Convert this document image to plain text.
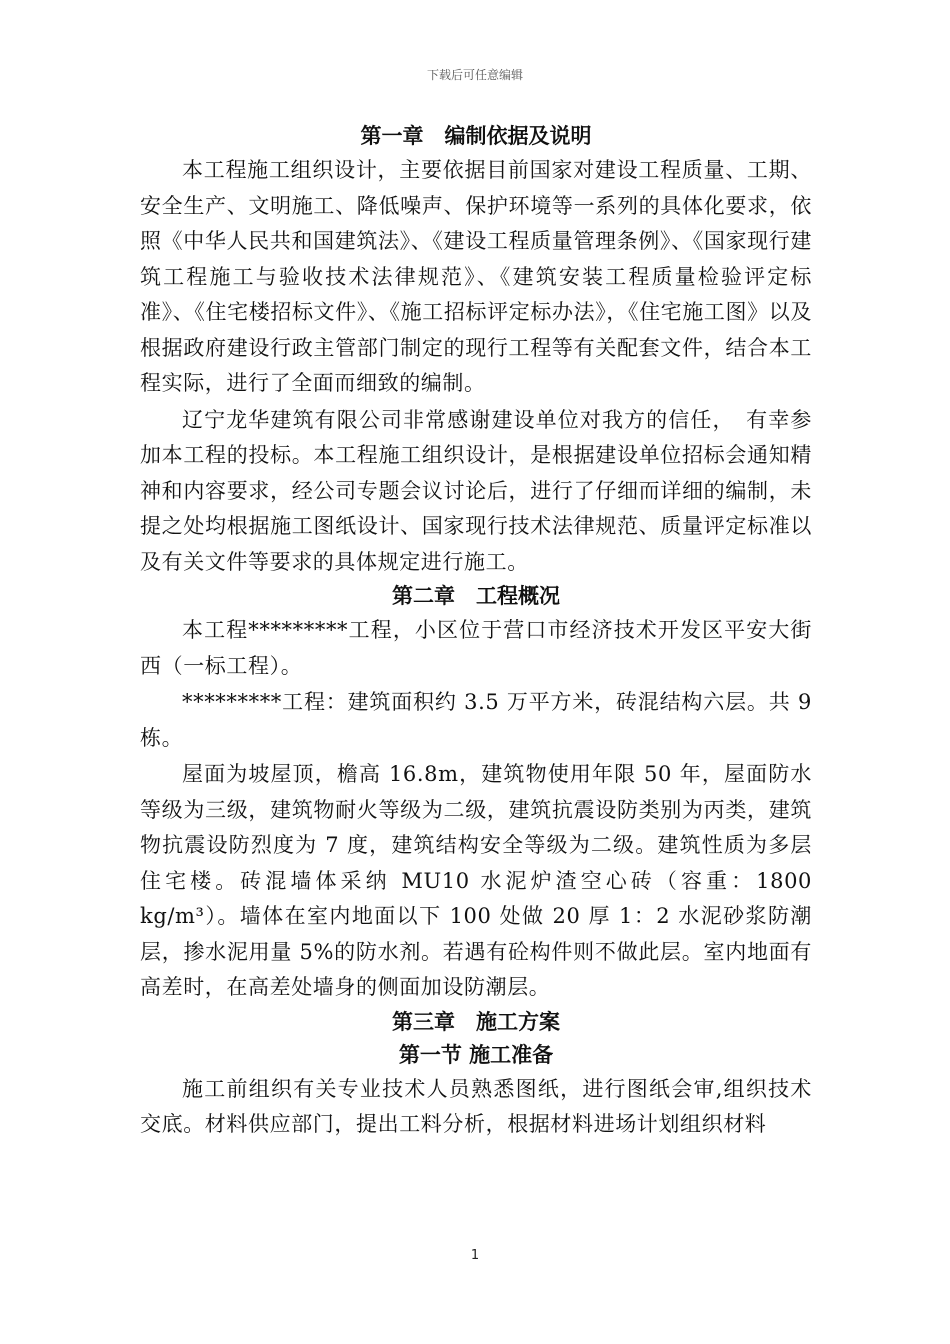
下载后可任意编辑
第一章　编制依据及说明

本工程施工组织设计，主要依据目前国家对建设工程质量、工期、安全生产、文明施工、降低噪声、保护环境等一系列的具体化要求，依照《中华人民共和国建筑法》、《建设工程质量管理条例》、《国家现行建筑工程施工与验收技术法律规范》、《建筑安装工程质量检验评定标准》、《住宅楼招标文件》、《施工招标评定标办法》，《住宅施工图》以及根据政府建设行政主管部门制定的现行工程等有关配套文件，结合本工程实际，进行了全面而细致的编制。

辽宁龙华建筑有限公司非常感谢建设单位对我方的信任，　有幸参加本工程的投标。本工程施工组织设计，是根据建设单位招标会通知精神和内容要求，经公司专题会议讨论后，进行了仔细而详细的编制，未提之处均根据施工图纸设计、国家现行技术法律规范、质量评定标准以及有关文件等要求的具体规定进行施工。

第二章　工程概况

本工程*********工程，小区位于营口市经济技术开发区平安大街西（一标工程）。

*********工程：建筑面积约 3.5 万平方米，砖混结构六层。共 9 栋。

屋面为坡屋顶，檐高 16.8m，建筑物使用年限 50 年，屋面防水等级为三级，建筑物耐火等级为二级，建筑抗震设防类别为丙类，建筑物抗震设防烈度为 7 度，建筑结构安全等级为二级。建筑性质为多层住宅楼。砖混墙体采纳 MU10 水泥炉渣空心砖（容重：1800 kg/m³）。墙体在室内地面以下 100 处做 20 厚 1：2 水泥砂浆防潮层，掺水泥用量 5%的防水剂。若遇有砼构件则不做此层。室内地面有高差时，在高差处墙身的侧面加设防潮层。

第三章　施工方案
第一节 施工准备

施工前组织有关专业技术人员熟悉图纸，进行图纸会审,组织技术交底。材料供应部门，提出工料分析，根据材料进场计划组织材料

1
